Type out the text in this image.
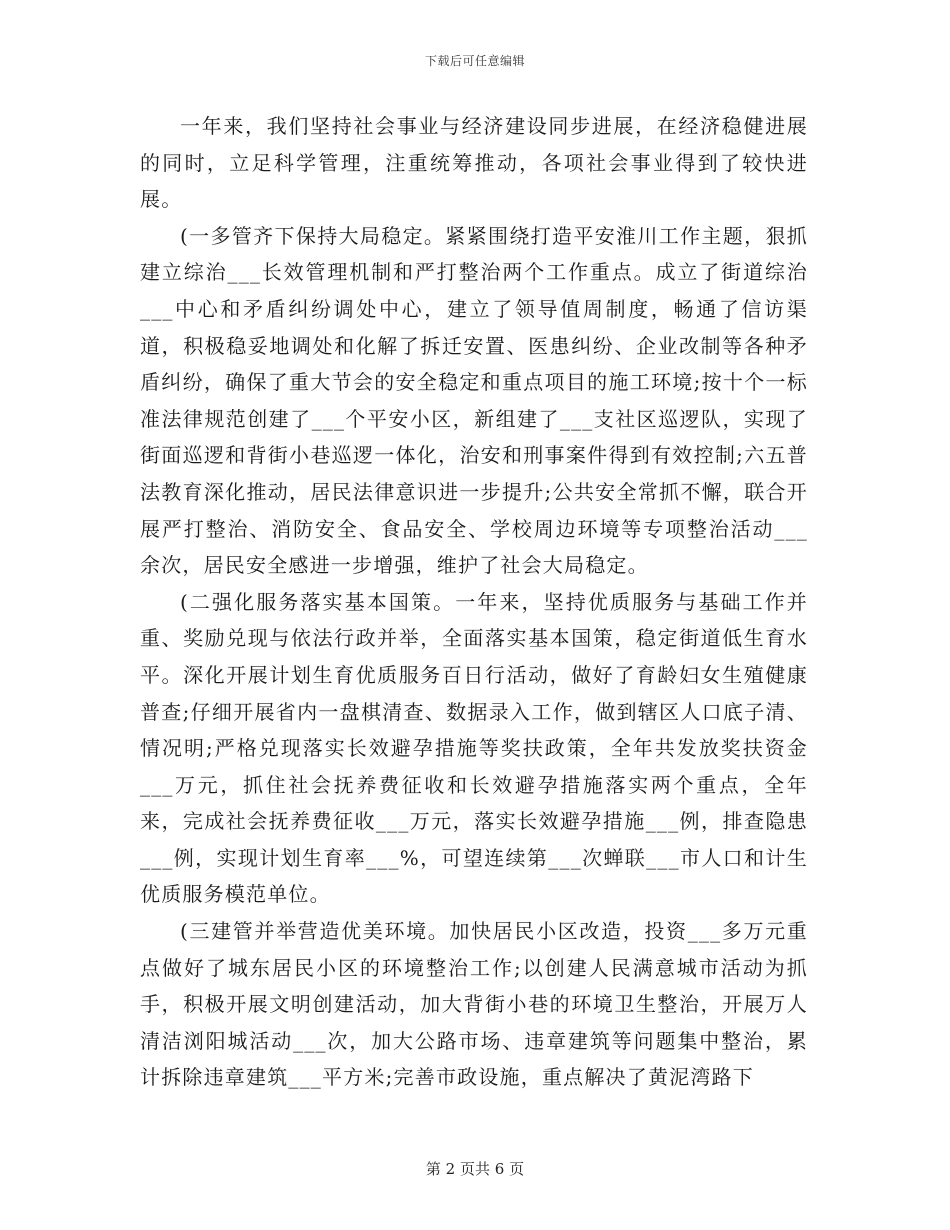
下载后可任意编辑

一年来，我们坚持社会事业与经济建设同步进展，在经济稳健进展的同时，立足科学管理，注重统筹推动，各项社会事业得到了较快进展。

(一多管齐下保持大局稳定。紧紧围绕打造平安淮川工作主题，狠抓建立综治___长效管理机制和严打整治两个工作重点。成立了街道综治___中心和矛盾纠纷调处中心，建立了领导值周制度，畅通了信访渠道，积极稳妥地调处和化解了拆迁安置、医患纠纷、企业改制等各种矛盾纠纷，确保了重大节会的安全稳定和重点项目的施工环境;按十个一标准法律规范创建了___个平安小区，新组建了___支社区巡逻队，实现了街面巡逻和背街小巷巡逻一体化，治安和刑事案件得到有效控制;六五普法教育深化推动，居民法律意识进一步提升;公共安全常抓不懈，联合开展严打整治、消防安全、食品安全、学校周边环境等专项整治活动___余次，居民安全感进一步增强，维护了社会大局稳定。

(二强化服务落实基本国策。一年来，坚持优质服务与基础工作并重、奖励兑现与依法行政并举，全面落实基本国策，稳定街道低生育水平。深化开展计划生育优质服务百日行活动，做好了育龄妇女生殖健康普查;仔细开展省内一盘棋清查、数据录入工作，做到辖区人口底子清、情况明;严格兑现落实长效避孕措施等奖扶政策，全年共发放奖扶资金___万元，抓住社会抚养费征收和长效避孕措施落实两个重点，全年来，完成社会抚养费征收___万元，落实长效避孕措施___例，排查隐患___例，实现计划生育率___%，可望连续第___次蝉联___市人口和计生优质服务模范单位。

(三建管并举营造优美环境。加快居民小区改造，投资___多万元重点做好了城东居民小区的环境整治工作;以创建人民满意城市活动为抓手，积极开展文明创建活动，加大背街小巷的环境卫生整治，开展万人清洁浏阳城活动___次，加大公路市场、违章建筑等问题集中整治，累计拆除违章建筑___平方米;完善市政设施，重点解决了黄泥湾路下

第 2 页共 6 页
